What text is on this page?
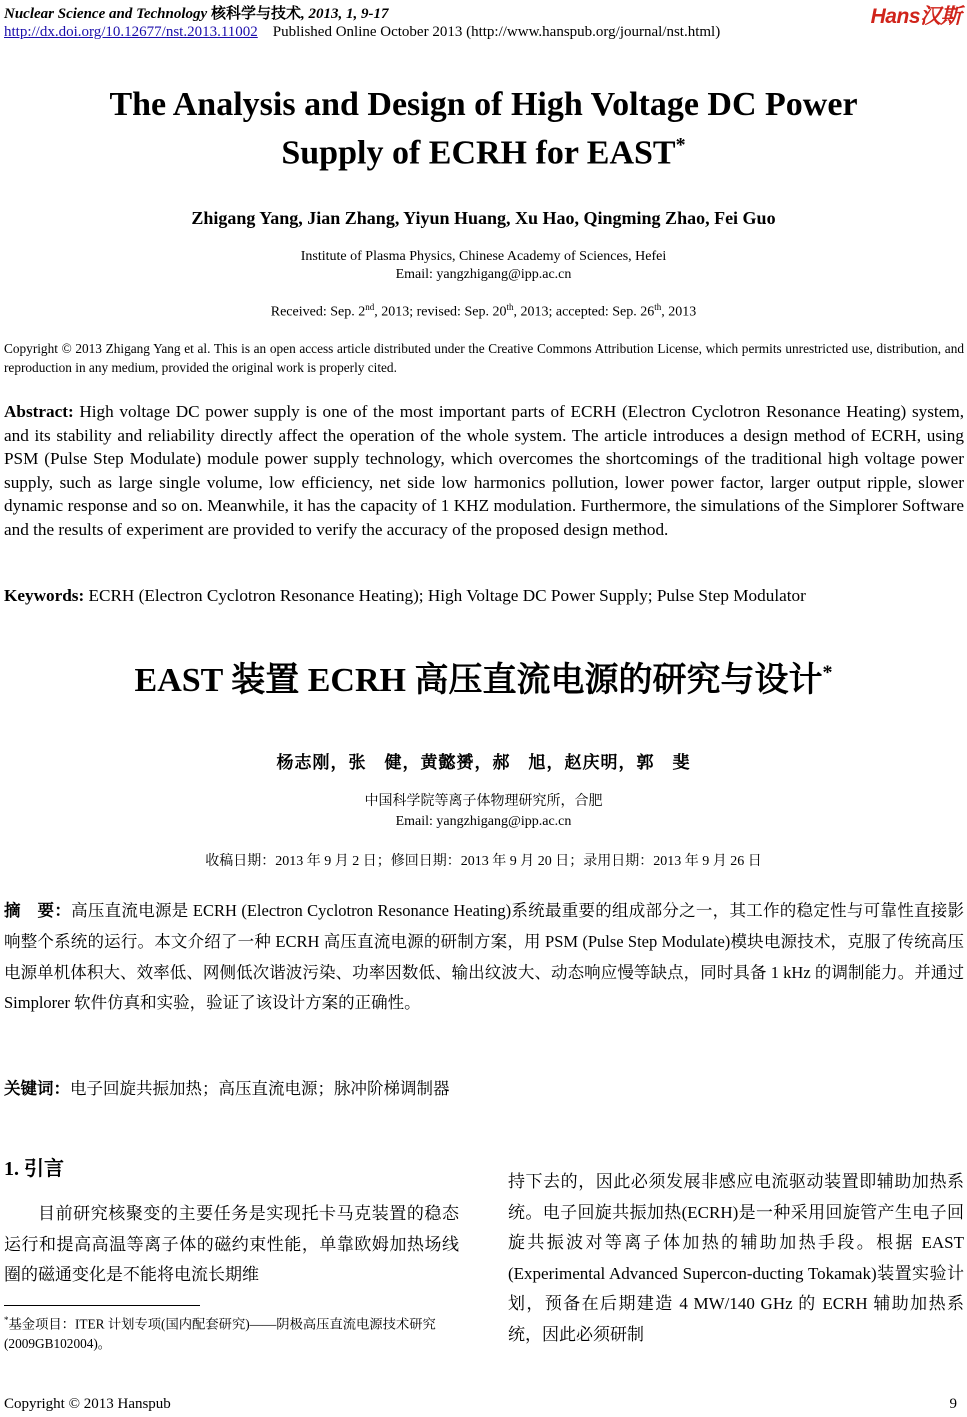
Nuclear Science and Technology 核科学与技术, 2013, 1, 9-17	Hans汉斯
http://dx.doi.org/10.12677/nst.2013.11002 Published Online October 2013 (http://www.hanspub.org/journal/nst.html)
The Analysis and Design of High Voltage DC Power
Supply of ECRH for EAST*
Zhigang Yang, Jian Zhang, Yiyun Huang, Xu Hao, Qingming Zhao, Fei Guo
Institute of Plasma Physics, Chinese Academy of Sciences, Hefei
Email: yangzhigang@ipp.ac.cn
Received: Sep. 2nd, 2013; revised: Sep. 20th, 2013; accepted: Sep. 26th, 2013
Copyright © 2013 Zhigang Yang et al. This is an open access article distributed under the Creative Commons Attribution License, which permits unrestricted use, distribution, and reproduction in any medium, provided the original work is properly cited.
Abstract: High voltage DC power supply is one of the most important parts of ECRH (Electron Cyclotron Resonance Heating) system, and its stability and reliability directly affect the operation of the whole system. The article introduces a design method of ECRH, using PSM (Pulse Step Modulate) module power supply technology, which overcomes the shortcomings of the traditional high voltage power supply, such as large single volume, low efficiency, net side low harmonics pollution, lower power factor, larger output ripple, slower dynamic response and so on. Meanwhile, it has the capacity of 1 KHZ modulation. Furthermore, the simulations of the Simplorer Software and the results of experiment are provided to verify the accuracy of the proposed design method.
Keywords: ECRH (Electron Cyclotron Resonance Heating); High Voltage DC Power Supply; Pulse Step Modulator
EAST 装置 ECRH 高压直流电源的研究与设计*
杨志刚，张　健，黄懿赟，郝　旭，赵庆明，郭　斐
中国科学院等离子体物理研究所，合肥
Email: yangzhigang@ipp.ac.cn
收稿日期：2013 年 9 月 2 日；修回日期：2013 年 9 月 20 日；录用日期：2013 年 9 月 26 日
摘　要：高压直流电源是 ECRH (Electron Cyclotron Resonance Heating)系统最重要的组成部分之一，其工作的稳定性与可靠性直接影响整个系统的运行。本文介绍了一种 ECRH 高压直流电源的研制方案，用 PSM (Pulse Step Modulate)模块电源技术，克服了传统高压电源单机体积大、效率低、网侧低次谐波污染、功率因数低、输出纹波大、动态响应慢等缺点，同时具备 1 kHz 的调制能力。并通过 Simplorer 软件仿真和实验，验证了该设计方案的正确性。
关键词：电子回旋共振加热；高压直流电源；脉冲阶梯调制器
1. 引言
目前研究核聚变的主要任务是实现托卡马克装置的稳态运行和提高高温等离子体的磁约束性能，单靠欧姆加热场线圈的磁通变化是不能将电流长期维
持下去的，因此必须发展非感应电流驱动装置即辅助加热系统。电子回旋共振加热(ECRH)是一种采用回旋管产生电子回旋共振波对等离子体加热的辅助加热手段。根据 EAST (Experimental Advanced Supercon-ducting Tokamak)装置实验计划，预备在后期建造 4 MW/140 GHz 的 ECRH 辅助加热系统，因此必须研制
*基金项目：ITER 计划专项(国内配套研究)——阴极高压直流电源技术研究(2009GB102004)。
Copyright © 2013 Hanspub	9
